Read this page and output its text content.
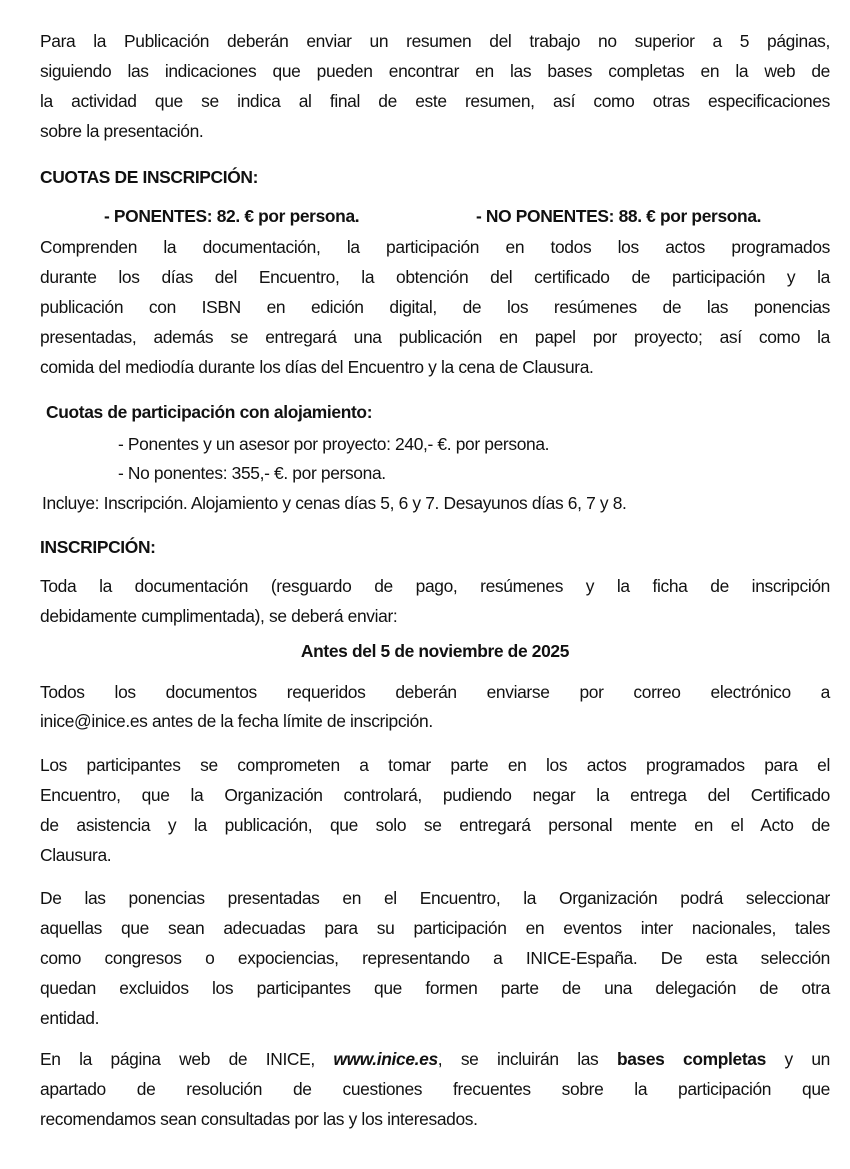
Para la Publicación deberán enviar un resumen del trabajo no superior a 5 páginas,

siguiendo las indicaciones que pueden encontrar en las bases completas en la web de

la actividad que se indica al final de este resumen, así como otras especificaciones

sobre la presentación.

CUOTAS DE INSCRIPCIÓN:

- PONENTES: 82. € por persona.	- NO PONENTES: 88. € por persona.

Comprenden la documentación, la participación en todos los actos programados

durante los días del Encuentro, la obtención del certificado de participación y la

publicación con ISBN en edición digital, de los resúmenes de las ponencias

presentadas, además se entregará una publicación en papel por proyecto; así como la

comida del mediodía durante los días del Encuentro y la cena de Clausura.

Cuotas de participación con alojamiento:

- Ponentes y un asesor por proyecto: 240,- €. por persona.

- No ponentes: 355,- €. por persona.

Incluye: Inscripción. Alojamiento y cenas días 5, 6 y 7. Desayunos días 6, 7 y 8.

INSCRIPCIÓN:

Toda la documentación (resguardo de pago, resúmenes y la ficha de inscripción

debidamente cumplimentada), se deberá enviar:

Antes del 5 de noviembre de 2025

Todos los documentos requeridos deberán enviarse por correo electrónico a

inice@inice.es antes de la fecha límite de inscripción.

Los participantes se comprometen a tomar parte en los actos programados para el

Encuentro, que la Organización controlará, pudiendo negar la entrega del Certificado

de asistencia y la publicación, que solo se entregará personal mente en el Acto de

Clausura.

De las ponencias presentadas en el Encuentro, la Organización podrá seleccionar

aquellas que sean adecuadas para su participación en eventos inter nacionales, tales

como congresos o expociencias, representando a INICE-España. De esta selección

quedan excluidos los participantes que formen parte de una delegación de otra

entidad.

En la página web de INICE, www.inice.es, se incluirán las bases completas y un

apartado de resolución de cuestiones frecuentes sobre la participación que

recomendamos sean consultadas por las y los interesados.
